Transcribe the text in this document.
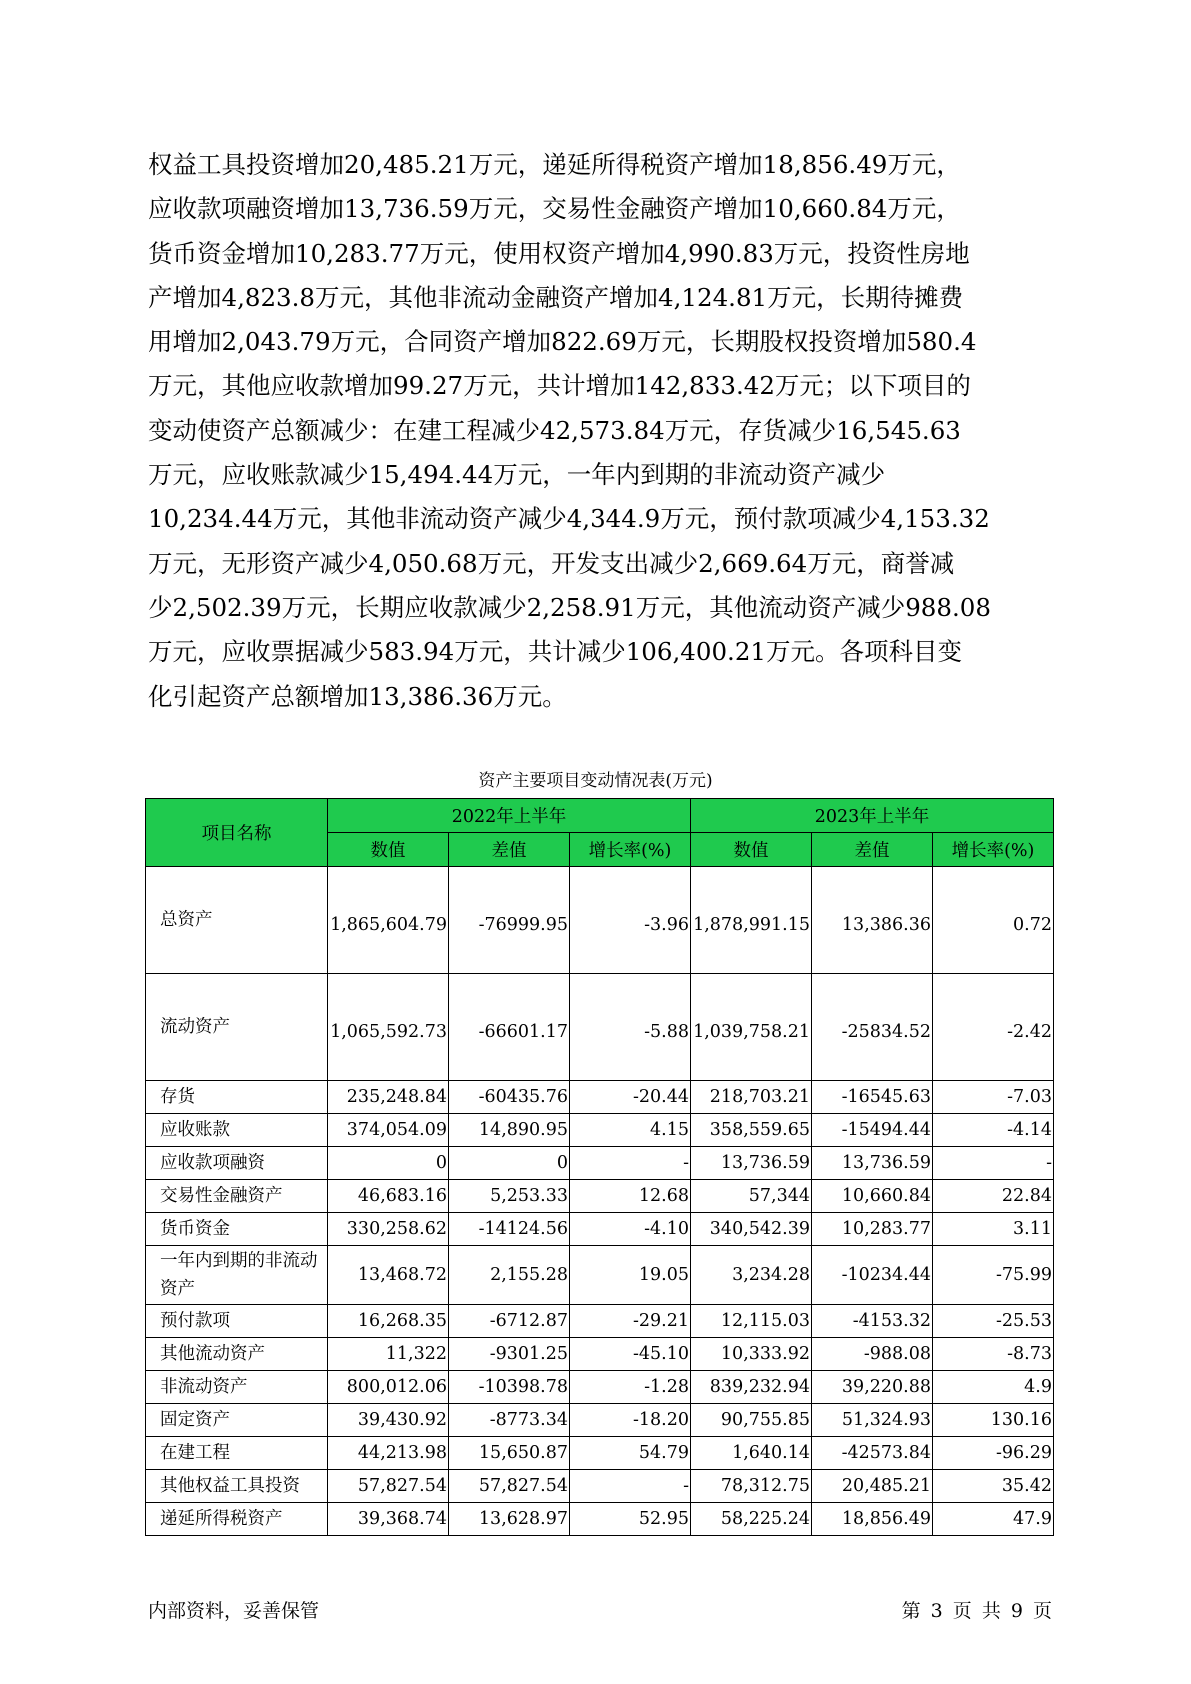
权益工具投资增加20,485.21万元，递延所得税资产增加18,856.49万元，
应收款项融资增加13,736.59万元，交易性金融资产增加10,660.84万元，
货币资金增加10,283.77万元，使用权资产增加4,990.83万元，投资性房地
产增加4,823.8万元，其他非流动金融资产增加4,124.81万元，长期待摊费
用增加2,043.79万元，合同资产增加822.69万元，长期股权投资增加580.4
万元，其他应收款增加99.27万元，共计增加142,833.42万元；以下项目的
变动使资产总额减少：在建工程减少42,573.84万元，存货减少16,545.63
万元，应收账款减少15,494.44万元，一年内到期的非流动资产减少
10,234.44万元，其他非流动资产减少4,344.9万元，预付款项减少4,153.32
万元，无形资产减少4,050.68万元，开发支出减少2,669.64万元，商誉减
少2,502.39万元，长期应收款减少2,258.91万元，其他流动资产减少988.08
万元，应收票据减少583.94万元，共计减少106,400.21万元。各项科目变
化引起资产总额增加13,386.36万元。
资产主要项目变动情况表(万元)
项目名称	2022年上半年			2023年上半年		
	数值	差值	增长率(%)	数值	差值	增长率(%)
总资产	1,865,604.79	-76999.95	-3.96	1,878,991.15	13,386.36	0.72
流动资产	1,065,592.73	-66601.17	-5.88	1,039,758.21	-25834.52	-2.42
存货	235,248.84	-60435.76	-20.44	218,703.21	-16545.63	-7.03
应收账款	374,054.09	14,890.95	4.15	358,559.65	-15494.44	-4.14
应收款项融资	0	0	-	13,736.59	13,736.59	-
交易性金融资产	46,683.16	5,253.33	12.68	57,344	10,660.84	22.84
货币资金	330,258.62	-14124.56	-4.10	340,542.39	10,283.77	3.11
一年内到期的非流动资产	13,468.72	2,155.28	19.05	3,234.28	-10234.44	-75.99
预付款项	16,268.35	-6712.87	-29.21	12,115.03	-4153.32	-25.53
其他流动资产	11,322	-9301.25	-45.10	10,333.92	-988.08	-8.73
非流动资产	800,012.06	-10398.78	-1.28	839,232.94	39,220.88	4.9
固定资产	39,430.92	-8773.34	-18.20	90,755.85	51,324.93	130.16
在建工程	44,213.98	15,650.87	54.79	1,640.14	-42573.84	-96.29
其他权益工具投资	57,827.54	57,827.54	-	78,312.75	20,485.21	35.42
递延所得税资产	39,368.74	13,628.97	52.95	58,225.24	18,856.49	47.9
内部资料，妥善保管	第 3 页 共 9 页
